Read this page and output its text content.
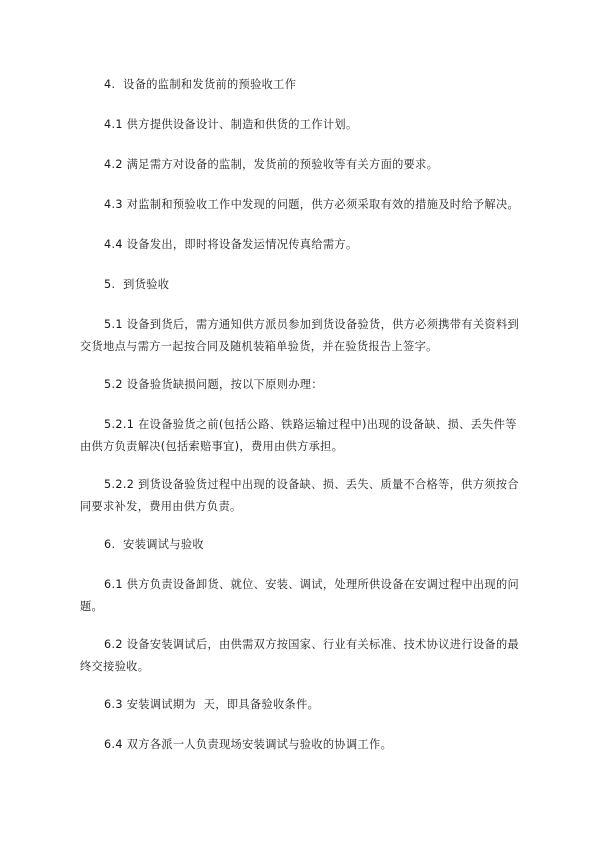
4.  设备的监制和发货前的预验收工作

4.1 供方提供设备设计、制造和供货的工作计划。

4.2 满足需方对设备的监制，发货前的预验收等有关方面的要求。

4.3 对监制和预验收工作中发现的问题，供方必须采取有效的措施及时给予解决。

4.4 设备发出，即时将设备发运情况传真给需方。

5.  到货验收

5.1 设备到货后，需方通知供方派员参加到货设备验货，供方必须携带有关资料到交货地点与需方一起按合同及随机装箱单验货，并在验货报告上签字。

5.2 设备验货缺损问题，按以下原则办理：

5.2.1 在设备验货之前(包括公路、铁路运输过程中)出现的设备缺、损、丢失件等由供方负责解决(包括索赔事宜)，费用由供方承担。

5.2.2 到货设备验货过程中出现的设备缺、损、丢失、质量不合格等，供方须按合同要求补发，费用由供方负责。

6.  安装调试与验收

6.1 供方负责设备卸货、就位、安装、调试，处理所供设备在安调过程中出现的问题。

6.2 设备安装调试后，由供需双方按国家、行业有关标准、技术协议进行设备的最终交接验收。

6.3 安装调试期为  天，即具备验收条件。

6.4 双方各派一人负责现场安装调试与验收的协调工作。
